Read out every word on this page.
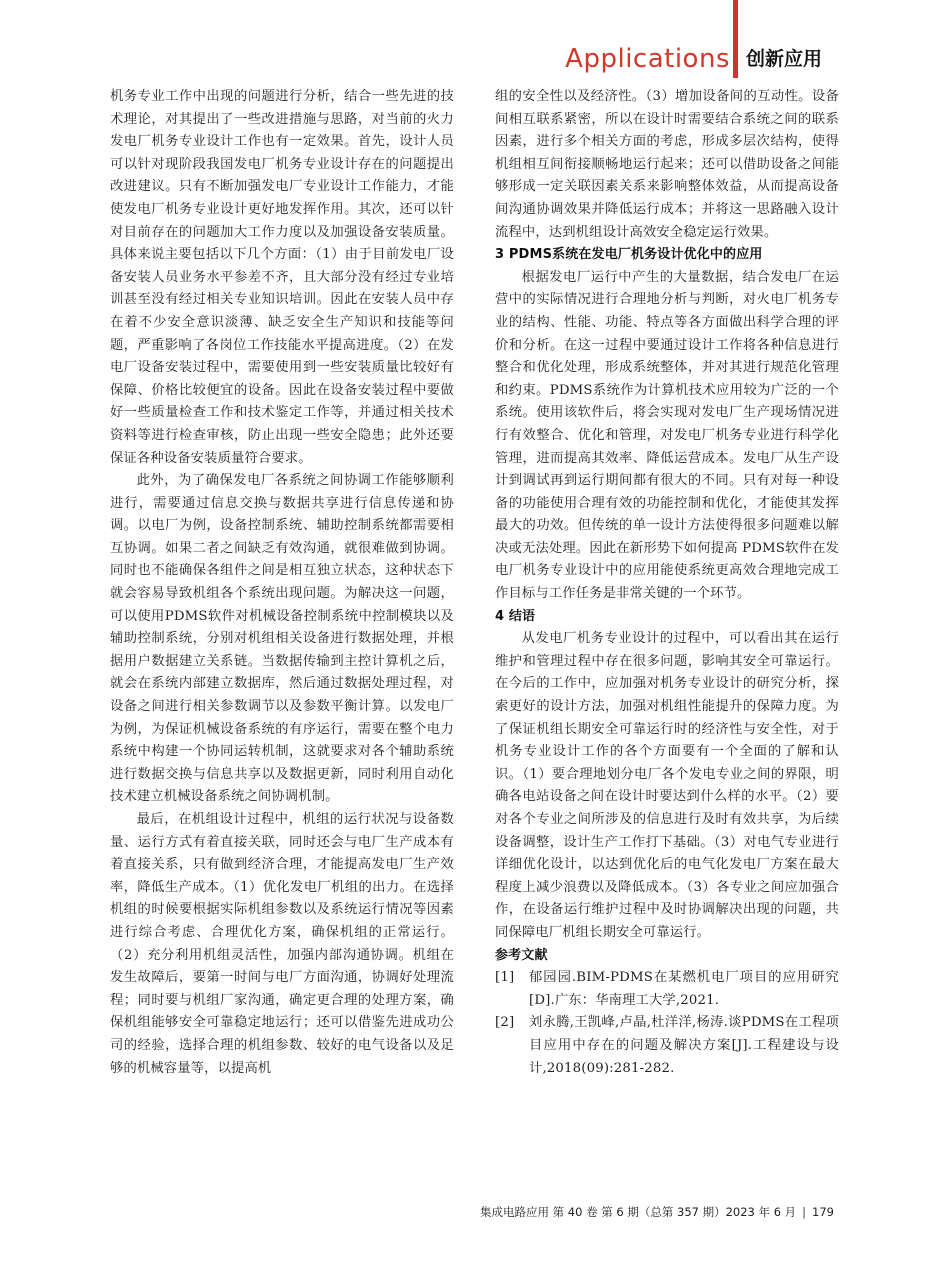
Applications 创新应用

机务专业工作中出现的问题进行分析，结合一些先进的技术理论，对其提出了一些改进措施与思路，对当前的火力发电厂机务专业设计工作也有一定效果。首先，设计人员可以针对现阶段我国发电厂机务专业设计存在的问题提出改进建议。只有不断加强发电厂专业设计工作能力，才能使发电厂机务专业设计更好地发挥作用。其次，还可以针对目前存在的问题加大工作力度以及加强设备安装质量。具体来说主要包括以下几个方面：（1）由于目前发电厂设备安装人员业务水平参差不齐，且大部分没有经过专业培训甚至没有经过相关专业知识培训。因此在安装人员中存在着不少安全意识淡薄、缺乏安全生产知识和技能等问题，严重影响了各岗位工作技能水平提高进度。（2）在发电厂设备安装过程中，需要使用到一些安装质量比较好有保障、价格比较便宜的设备。因此在设备安装过程中要做好一些质量检查工作和技术鉴定工作等，并通过相关技术资料等进行检查审核，防止出现一些安全隐患；此外还要保证各种设备安装质量符合要求。

此外，为了确保发电厂各系统之间协调工作能够顺利进行，需要通过信息交换与数据共享进行信息传递和协调。以电厂为例，设备控制系统、辅助控制系统都需要相互协调。如果二者之间缺乏有效沟通，就很难做到协调。同时也不能确保各组件之间是相互独立状态，这种状态下就会容易导致机组各个系统出现问题。为解决这一问题，可以使用PDMS软件对机械设备控制系统中控制模块以及辅助控制系统，分别对机组相关设备进行数据处理，并根据用户数据建立关系链。当数据传输到主控计算机之后，就会在系统内部建立数据库，然后通过数据处理过程，对设备之间进行相关参数调节以及参数平衡计算。以发电厂为例，为保证机械设备系统的有序运行，需要在整个电力系统中构建一个协同运转机制，这就要求对各个辅助系统进行数据交换与信息共享以及数据更新，同时利用自动化技术建立机械设备系统之间协调机制。

最后，在机组设计过程中，机组的运行状况与设备数量、运行方式有着直接关联，同时还会与电厂生产成本有着直接关系，只有做到经济合理，才能提高发电厂生产效率，降低生产成本。（1）优化发电厂机组的出力。在选择机组的时候要根据实际机组参数以及系统运行情况等因素进行综合考虑、合理优化方案，确保机组的正常运行。（2）充分利用机组灵活性，加强内部沟通协调。机组在发生故障后，要第一时间与电厂方面沟通，协调好处理流程；同时要与机组厂家沟通，确定更合理的处理方案，确保机组能够安全可靠稳定地运行；还可以借鉴先进成功公司的经验，选择合理的机组参数、较好的电气设备以及足够的机械容量等，以提高机

组的安全性以及经济性。（3）增加设备间的互动性。设备间相互联系紧密，所以在设计时需要结合系统之间的联系因素，进行多个相关方面的考虑，形成多层次结构，使得机组相互间衔接顺畅地运行起来；还可以借助设备之间能够形成一定关联因素关系来影响整体效益，从而提高设备间沟通协调效果并降低运行成本；并将这一思路融入设计流程中，达到机组设计高效安全稳定运行效果。

3 PDMS系统在发电厂机务设计优化中的应用

根据发电厂运行中产生的大量数据，结合发电厂在运营中的实际情况进行合理地分析与判断，对火电厂机务专业的结构、性能、功能、特点等各方面做出科学合理的评价和分析。在这一过程中要通过设计工作将各种信息进行整合和优化处理，形成系统整体，并对其进行规范化管理和约束。PDMS系统作为计算机技术应用较为广泛的一个系统。使用该软件后，将会实现对发电厂生产现场情况进行有效整合、优化和管理，对发电厂机务专业进行科学化管理，进而提高其效率、降低运营成本。发电厂从生产设计到调试再到运行期间都有很大的不同。只有对每一种设备的功能使用合理有效的功能控制和优化，才能使其发挥最大的功效。但传统的单一设计方法使得很多问题难以解决或无法处理。因此在新形势下如何提高 PDMS软件在发电厂机务专业设计中的应用能使系统更高效合理地完成工作目标与工作任务是非常关键的一个环节。

4 结语

从发电厂机务专业设计的过程中，可以看出其在运行维护和管理过程中存在很多问题，影响其安全可靠运行。在今后的工作中，应加强对机务专业设计的研究分析，探索更好的设计方法，加强对机组性能提升的保障力度。为了保证机组长期安全可靠运行时的经济性与安全性，对于机务专业设计工作的各个方面要有一个全面的了解和认识。（1）要合理地划分电厂各个发电专业之间的界限，明确各电站设备之间在设计时要达到什么样的水平。（2）要对各个专业之间所涉及的信息进行及时有效共享，为后续设备调整，设计生产工作打下基础。（3）对电气专业进行详细优化设计，以达到优化后的电气化发电厂方案在最大程度上减少浪费以及降低成本。（3）各专业之间应加强合作，在设备运行维护过程中及时协调解决出现的问题，共同保障电厂机组长期安全可靠运行。

参考文献

[1]	郁园园.BIM-PDMS在某燃机电厂项目的应用研究[D].广东：华南理工大学,2021.
[2]	刘永腾,王凯峰,卢晶,杜洋洋,杨涛.谈PDMS在工程项目应用中存在的问题及解决方案[J].工程建设与设计,2018(09):281-282.
集成电路应用 第 40 卷 第 6 期（总第 357 期）2023 年 6 月 | 179
